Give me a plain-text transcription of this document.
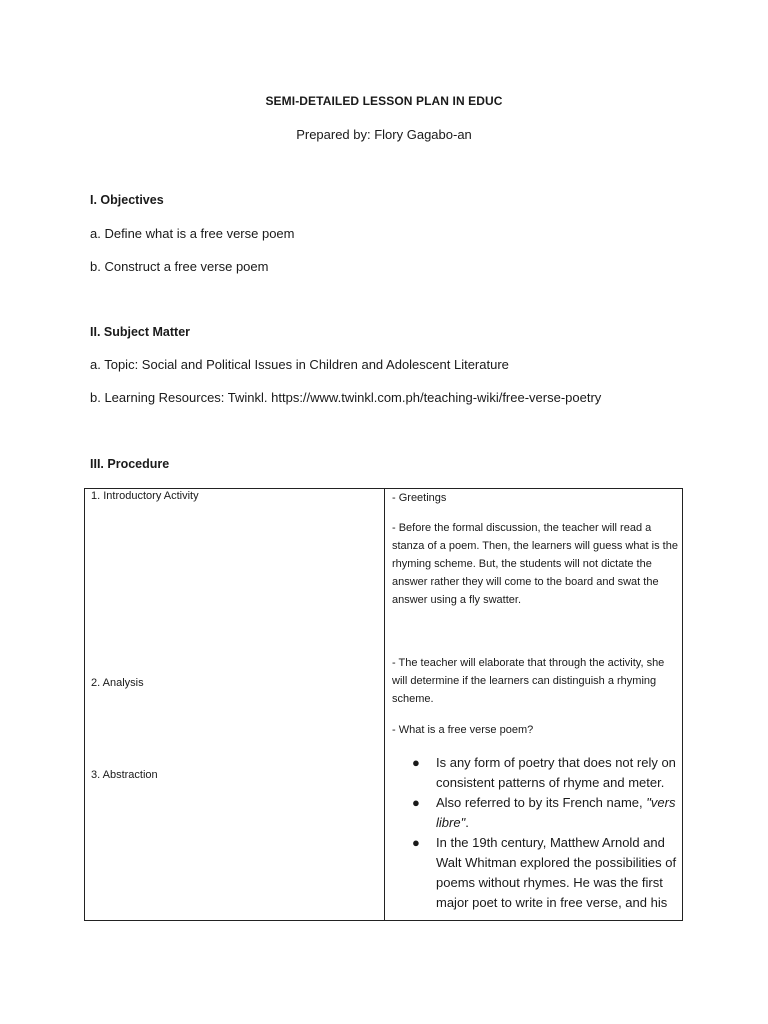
SEMI-DETAILED LESSON PLAN IN EDUC
Prepared by: Flory Gagabo-an
I. Objectives
a. Define what is a free verse poem
b. Construct a free verse poem
II. Subject Matter
a. Topic: Social and Political Issues in Children and Adolescent Literature
b. Learning Resources: Twinkl. https://www.twinkl.com.ph/teaching-wiki/free-verse-poetry
III. Procedure
1. Introductory Activity
2. Analysis
3. Abstraction
- Greetings
- Before the formal discussion, the teacher will read a stanza of a poem. Then, the learners will guess what is the rhyming scheme. But, the students will not dictate the answer rather they will come to the board and swat the answer using a fly swatter.
- The teacher will elaborate that through the activity, she will determine if the learners can distinguish a rhyming scheme.
- What is a free verse poem?
● Is any form of poetry that does not rely on consistent patterns of rhyme and meter.
● Also referred to by its French name, "vers libre".
● In the 19th century, Matthew Arnold and Walt Whitman explored the possibilities of poems without rhymes. He was the first major poet to write in free verse, and his
